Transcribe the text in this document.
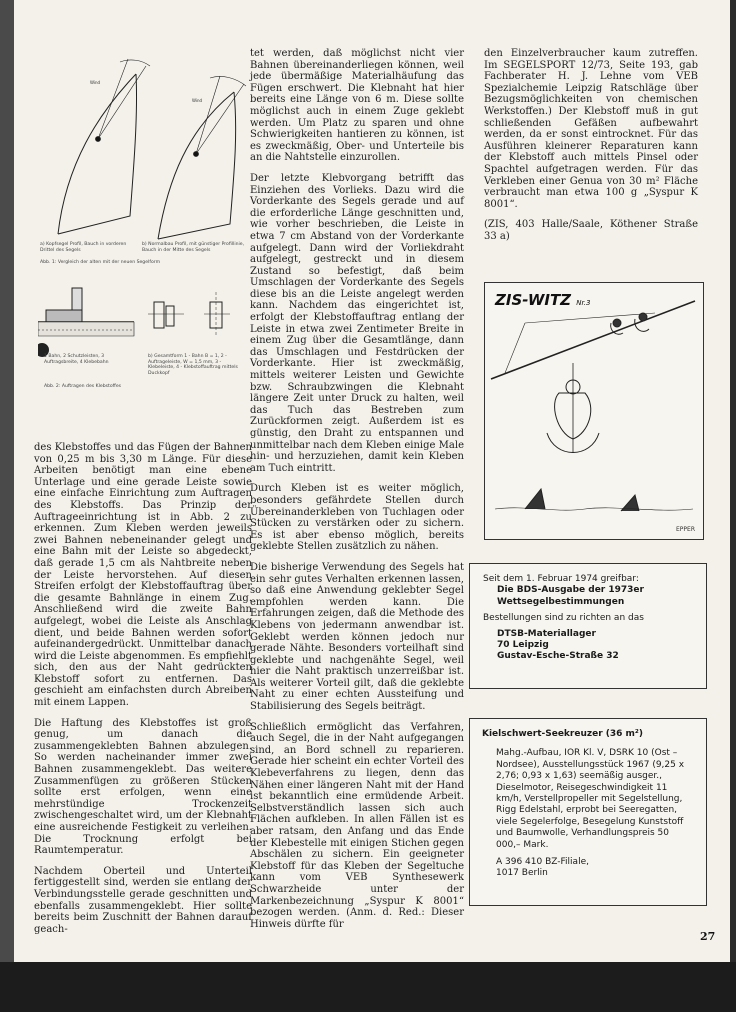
Wind
Wind
a) Kopfsegel Profil, Bauch in vorderen Drittel des Segels
b) Normalbau Profil, mit günstiger Profillinie, Bauch in der Mitte des Segels
Abb. 1: Vergleich der alten mit der neuen Segelform
1 Bahn, 2 Schutzleisten, 3 Auftragsbreite, 4 Klebebahn
b) Gesamtform 1 - Bahn B = 1, 2 - Auftrageleiste, W = 1,5 mm, 3 - Klebeleiste, 4 - Klebstoffauftrag mittels Duckkopf
Abb. 2: Auftragen des Klebstoffes

des Klebstoffes und das Fügen der Bahnen von 0,25 m bis 3,30 m Länge. Für diese Arbeiten benötigt man eine ebene Unterlage und eine gerade Leiste sowie eine einfache Einrichtung zum Auftragen des Klebstoffs. Das Prinzip der Auftrageeinrichtung ist in Abb. 2 zu erkennen. Zum Kleben werden jeweils zwei Bahnen nebeneinander gelegt und eine Bahn mit der Leiste so abgedeckt, daß gerade 1,5 cm als Nahtbreite neben der Leiste hervorstehen. Auf diesen Streifen erfolgt der Klebstoffauftrag über die gesamte Bahnlänge in einem Zug. Anschließend wird die zweite Bahn aufgelegt, wobei die Leiste als Anschlag dient, und beide Bahnen werden sofort aufeinandergedrückt. Unmittelbar danach wird die Leiste abgenommen. Es empfiehlt sich, den aus der Naht gedrückten Klebstoff sofort zu entfernen. Das geschieht am einfachsten durch Abreiben mit einem Lappen.

Die Haftung des Klebstoffes ist groß genug, um danach die zusammengeklebten Bahnen abzulegen. So werden nacheinander immer zwei Bahnen zusammengeklebt. Das weitere Zusammenfügen zu größeren Stücken sollte erst erfolgen, wenn eine mehrstündige Trockenzeit zwischengeschaltet wird, um der Klebnaht eine ausreichende Festigkeit zu verleihen. Die Trocknung erfolgt bei Raumtemperatur.

Nachdem Oberteil und Unterteil fertiggestellt sind, werden sie entlang der Verbindungsstelle gerade geschnitten und ebenfalls zusammengeklebt. Hier sollte bereits beim Zuschnitt der Bahnen darauf geach-

tet werden, daß möglichst nicht vier Bahnen übereinanderliegen können, weil jede übermäßige Materialhäufung das Fügen erschwert. Die Klebnaht hat hier bereits eine Länge von 6 m. Diese sollte möglichst auch in einem Zuge geklebt werden. Um Platz zu sparen und ohne Schwierigkeiten hantieren zu können, ist es zweckmäßig, Ober- und Unterteile bis an die Nahtstelle einzurollen.

Der letzte Klebvorgang betrifft das Einziehen des Vorlieks. Dazu wird die Vorderkante des Segels gerade und auf die erforderliche Länge geschnitten und, wie vorher beschrieben, die Leiste in etwa 7 cm Abstand von der Vorderkante aufgelegt. Dann wird der Vorliekdraht aufgelegt, gestreckt und in diesem Zustand so befestigt, daß beim Umschlagen der Vorderkante des Segels diese bis an die Leiste angelegt werden kann. Nachdem das eingerichtet ist, erfolgt der Klebstoffauftrag entlang der Leiste in etwa zwei Zentimeter Breite in einem Zug über die Gesamtlänge, dann das Umschlagen und Festdrücken der Vorderkante. Hier ist zweckmäßig, mittels weiterer Leisten und Gewichte bzw. Schraubzwingen die Klebnaht längere Zeit unter Druck zu halten, weil das Tuch das Bestreben zum Zurückformen zeigt. Außerdem ist es günstig, den Draht zu entspannen und unmittelbar nach dem Kleben einige Male hin- und herzuziehen, damit kein Kleben am Tuch eintritt.

Durch Kleben ist es weiter möglich, besonders gefährdete Stellen durch Übereinanderkleben von Tuchlagen oder Stücken zu verstärken oder zu sichern. Es ist aber ebenso möglich, bereits geklebte Stellen zusätzlich zu nähen.

Die bisherige Verwendung des Segels hat ein sehr gutes Verhalten erkennen lassen, so daß eine Anwendung geklebter Segel empfohlen werden kann. Die Erfahrungen zeigen, daß die Methode des Klebens von jedermann anwendbar ist. Geklebt werden können jedoch nur gerade Nähte. Besonders vorteilhaft sind geklebte und nachgenähte Segel, weil hier die Naht praktisch unzerreißbar ist. Als weiterer Vorteil gilt, daß die geklebte Naht zu einer echten Aussteifung und Stabilisierung des Segels beiträgt.

Schließlich ermöglicht das Verfahren, auch Segel, die in der Naht aufgegangen sind, an Bord schnell zu reparieren. Gerade hier scheint ein echter Vorteil des Klebeverfahrens zu liegen, denn das Nähen einer längeren Naht mit der Hand ist bekanntlich eine ermüdende Arbeit. Selbstverständlich lassen sich auch Flächen aufkleben. In allen Fällen ist es aber ratsam, den Anfang und das Ende der Klebestelle mit einigen Stichen gegen Abschälen zu sichern. Ein geeigneter Klebstoff für das Kleben der Segeltuche kann vom VEB Synthesewerk Schwarzheide unter der Markenbezeichnung „Syspur K 8001“ bezogen werden. (Anm. d. Red.: Dieser Hinweis dürfte für

den Einzelverbraucher kaum zutreffen. Im SEGELSPORT 12/73, Seite 193, gab Fachberater H. J. Lehne vom VEB Spezialchemie Leipzig Ratschläge über Bezugsmöglichkeiten von chemischen Werkstoffen.) Der Klebstoff muß in gut schließenden Gefäßen aufbewahrt werden, da er sonst eintrocknet. Für das Ausführen kleinerer Reparaturen kann der Klebstoff auch mittels Pinsel oder Spachtel aufgetragen werden. Für das Verkleben einer Genua von 30 m² Fläche verbraucht man etwa 100 g „Syspur K 8001“.

(ZIS, 403 Halle/Saale, Köthener Straße 33 a)

ZIS-WITZ Nr.3
EPPER

Seit dem 1. Februar 1974 greifbar:

Die BDS-Ausgabe der 1973er Wettsegelbestimmungen

Bestellungen sind zu richten an das

DTSB-Materiallager

70 Leipzig

Gustav-Esche-Straße 32

Kielschwert-Seekreuzer (36 m²)

Mahg.-Aufbau, IOR Kl. V, DSRK 10 (Ost – Nordsee), Ausstellungsstück 1967 (9,25 x 2,76; 0,93 x 1,63) seemäßig ausger., Dieselmotor, Reisegeschwindigkeit 11 km/h, Verstellpropeller mit Segelstellung, Rigg Edelstahl, erprobt bei Seeregatten, viele Segelerfolge, Besegelung Kunststoff und Baumwolle, Verhandlungspreis 50 000,– Mark.

A 396 410 BZ-Filiale,

1017 Berlin

27
